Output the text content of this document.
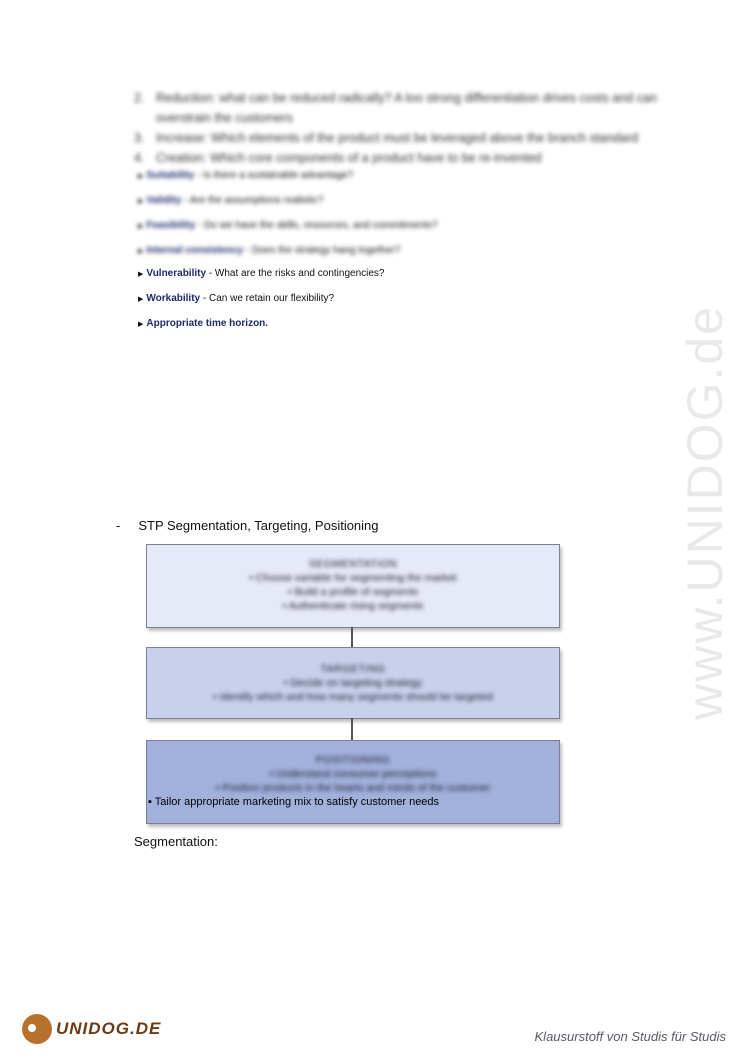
2. Reduction: what can be reduced radically? A too strong differentiation drives costs and can overstrain the customers
3. Increase: Which elements of the product must be leveraged above the branch standard
4. Creation: Which core components of a product have to be re-invented
▶ Suitability - Is there a sustainable advantage?
▶ Validity - Are the assumptions realistic?
▶ Feasibility - Do we have the skills, resources, and commitments?
▶ Internal consistency - Does the strategy hang together?
▶ Vulnerability - What are the risks and contingencies?
▶ Workability - Can we retain our flexibility?
▶ Appropriate time horizon.
- STP Segmentation, Targeting, Positioning
SEGMENTATION
• Choose variable for segmenting the market
• Build a profile of segments
• Authenticate rising segments
TARGETING
• Decide on targeting strategy
• Identify which and how many segments should be targeted
POSITIONING
• Understand consumer perceptions
• Position products in the hearts and minds of the customer
▪ Tailor appropriate marketing mix to satisfy customer needs
Segmentation:
www.UNIDOG.de
UNIDOG.DE	Klausurstoff von Studis für Studis
